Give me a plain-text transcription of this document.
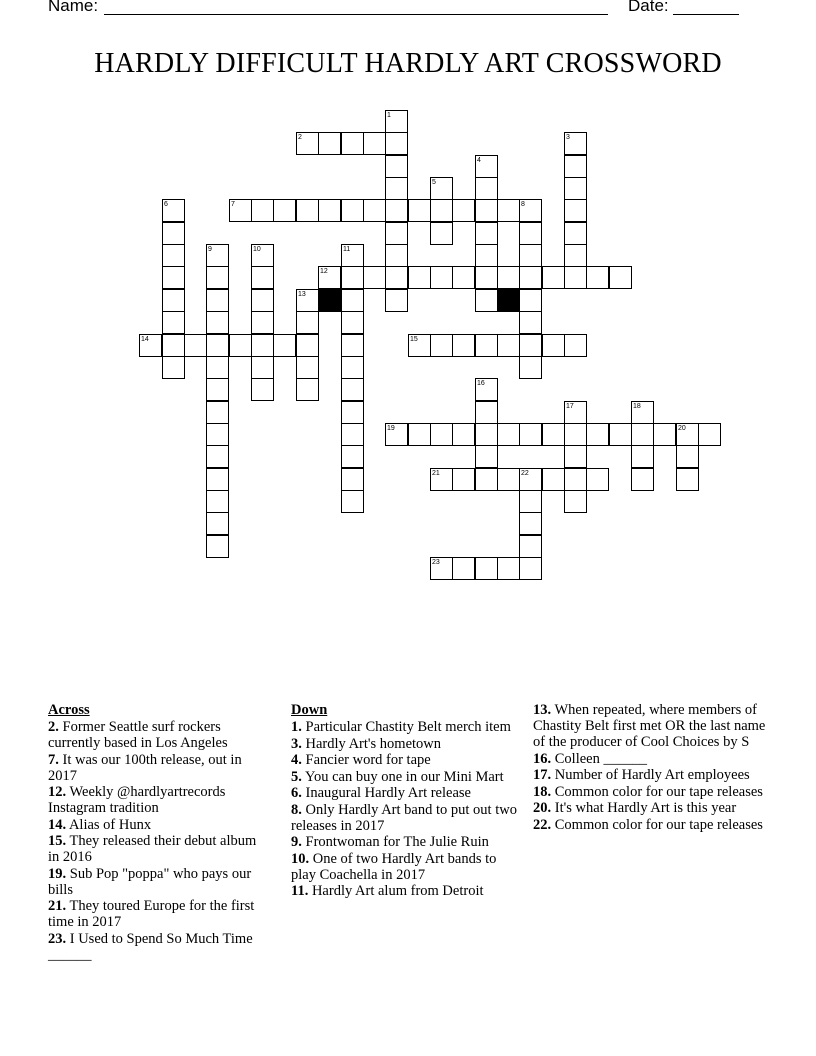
Name:	Date:
HARDLY DIFFICULT HARDLY ART CROSSWORD
2
7
12
14	15
19
21
23
1
3
4
5
6	8
9	10	11
13
16
17	18
20
22
Across
2. Former Seattle surf rockers currently based in Los Angeles
7. It was our 100th release, out in 2017
12. Weekly @hardlyartrecords Instagram tradition
14. Alias of Hunx
15. They released their debut album in 2016
19. Sub Pop "poppa" who pays our bills
21. They toured Europe for the first time in 2017
23. I Used to Spend So Much Time ______
Down
1. Particular Chastity Belt merch item
3. Hardly Art's hometown
4. Fancier word for tape
5. You can buy one in our Mini Mart
6. Inaugural Hardly Art release
8. Only Hardly Art band to put out two releases in 2017
9. Frontwoman for The Julie Ruin
10. One of two Hardly Art bands to play Coachella in 2017
11. Hardly Art alum from Detroit
13. When repeated, where members of Chastity Belt first met OR the last name of the producer of Cool Choices by S
16. Colleen ______
17. Number of Hardly Art employees
18. Common color for our tape releases
20. It's what Hardly Art is this year
22. Common color for our tape releases
